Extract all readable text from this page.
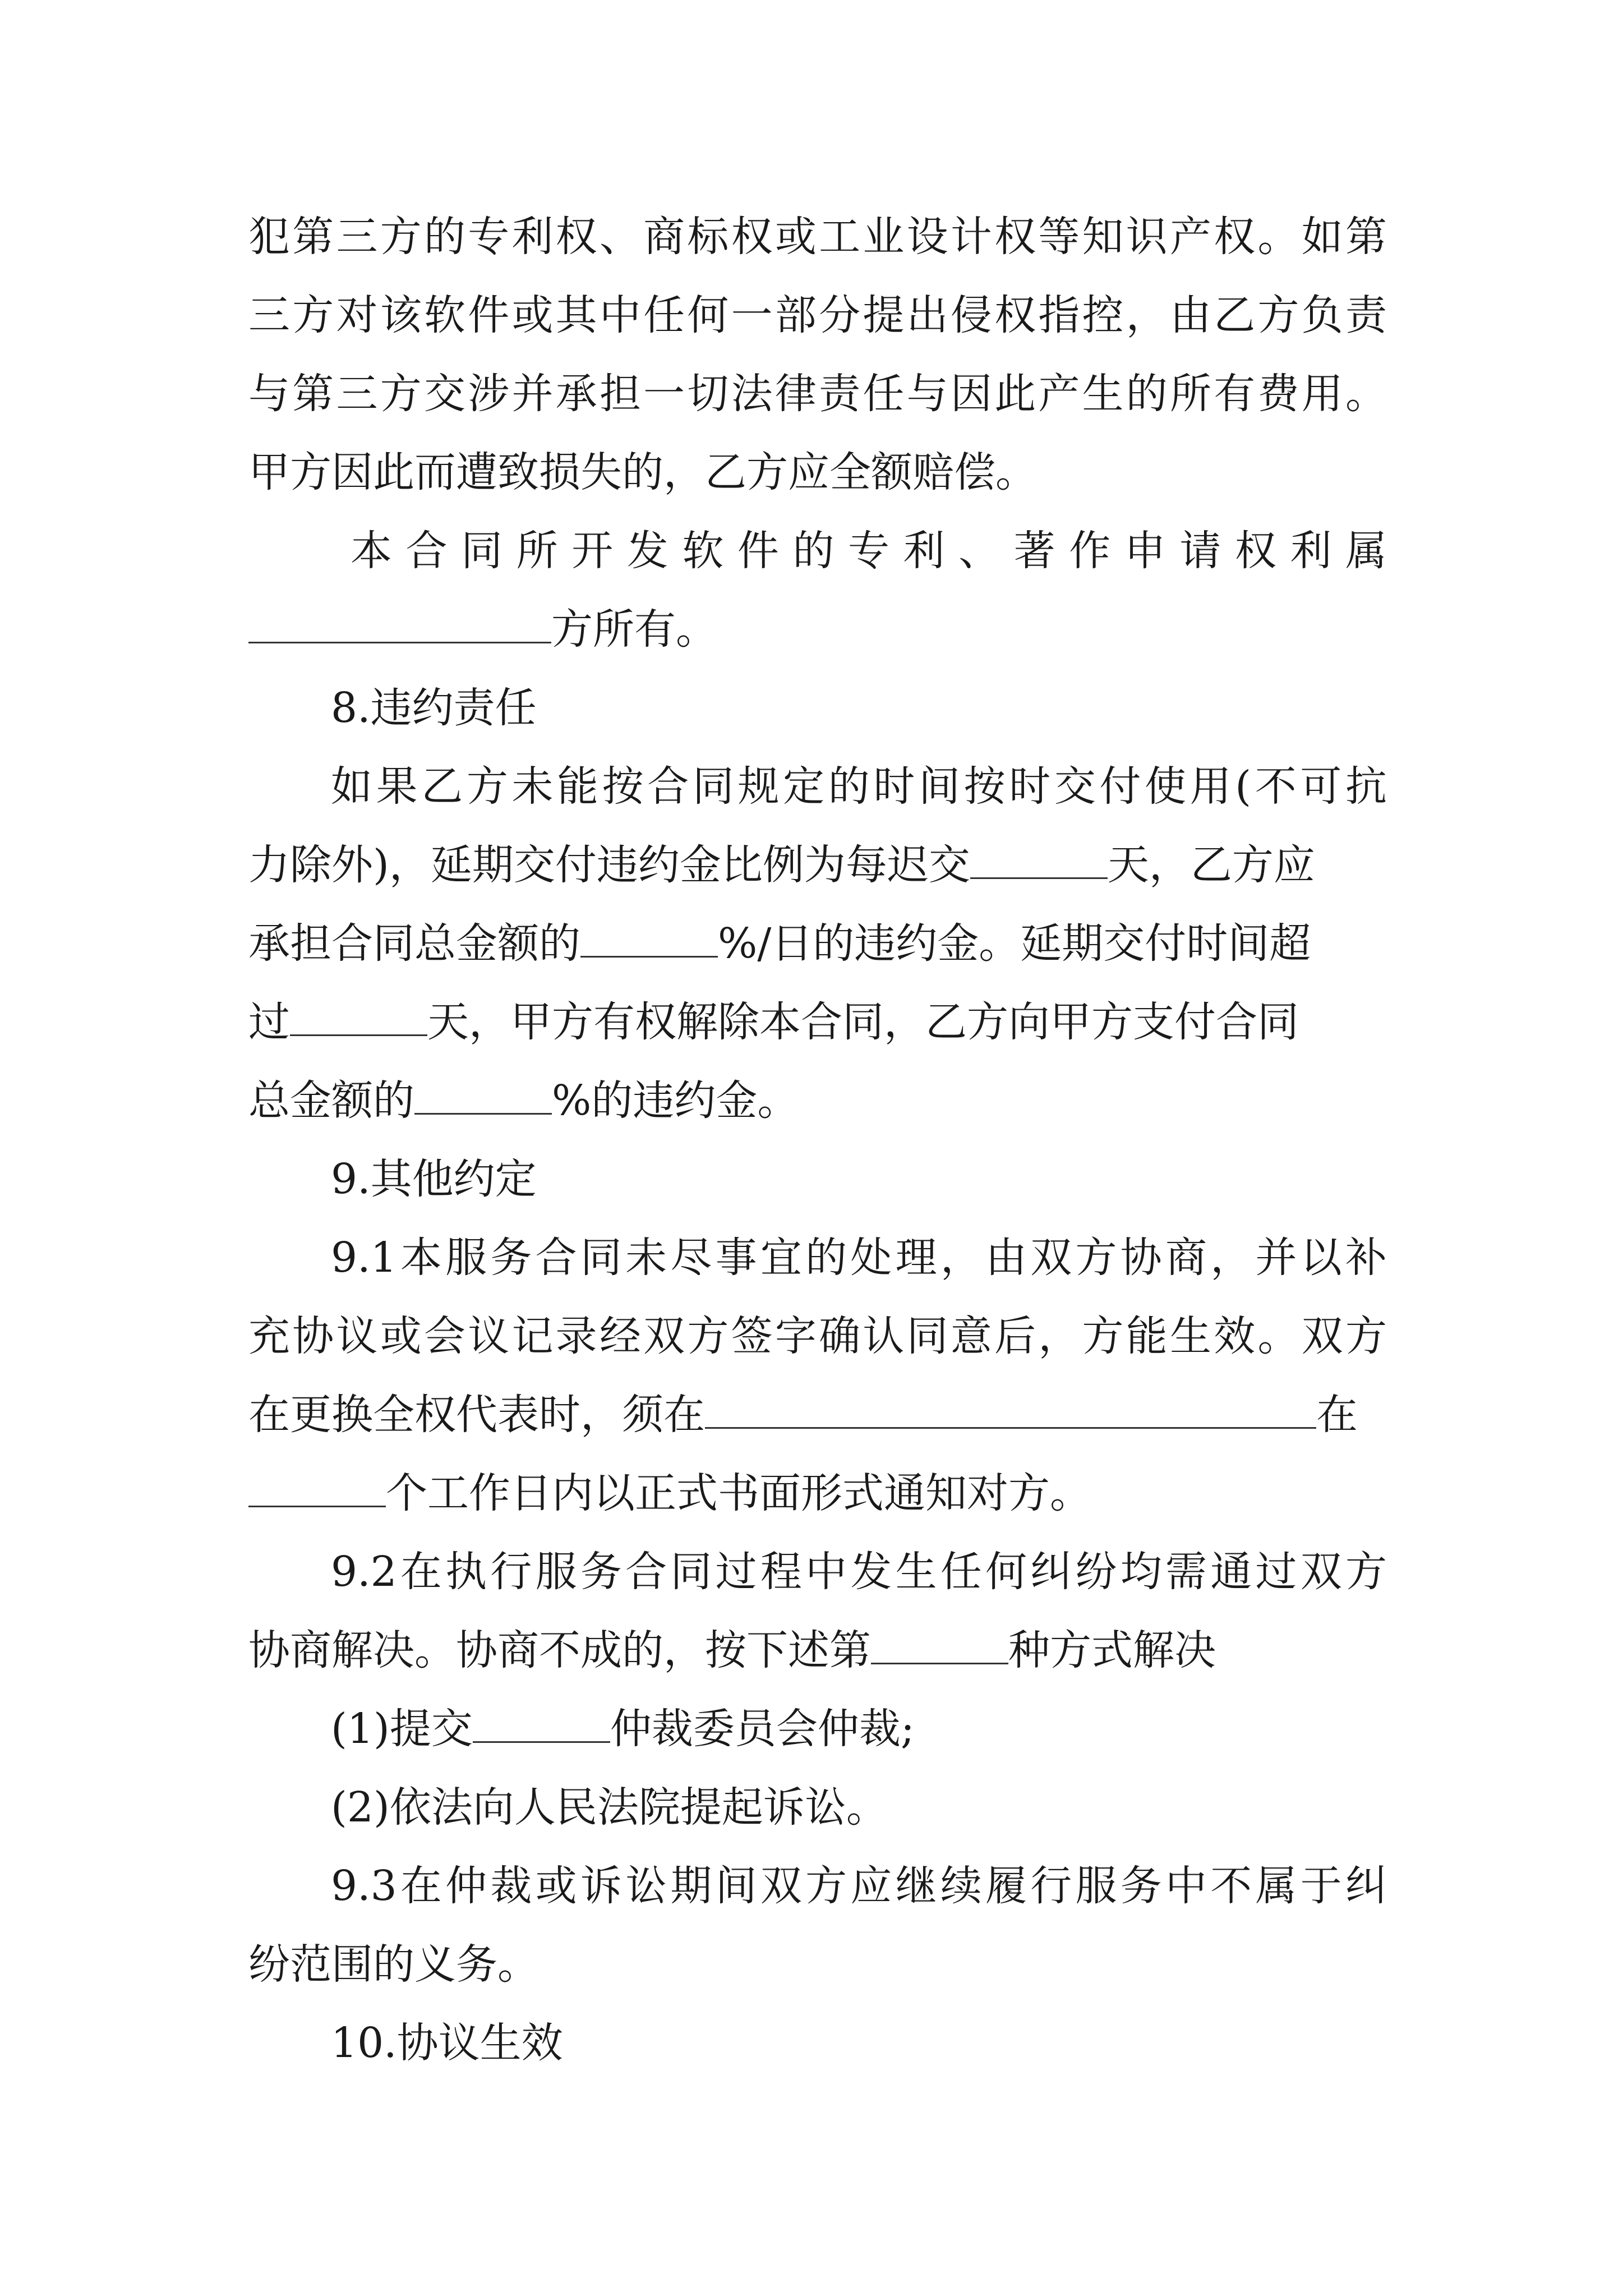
犯第三方的专利权、商标权或工业设计权等知识产权。如第
三方对该软件或其中任何一部分提出侵权指控，由乙方负责
与第三方交涉并承担一切法律责任与因此产生的所有费用。
甲方因此而遭致损失的，乙方应全额赔偿。
本合同所开发软件的专利、著作申请权利属
方所有。
8.违约责任
如果乙方未能按合同规定的时间按时交付使用(不可抗
力除外)，延期交付违约金比例为每迟交	天，乙方应
承担合同总金额的	%/日的违约金。延期交付时间超
过	天，甲方有权解除本合同，乙方向甲方支付合同
总金额的	%的违约金。
9.其他约定
9.1本服务合同未尽事宜的处理，由双方协商，并以补
充协议或会议记录经双方签字确认同意后，方能生效。双方
在更换全权代表时，须在	在
个工作日内以正式书面形式通知对方。
9.2在执行服务合同过程中发生任何纠纷均需通过双方
协商解决。协商不成的，按下述第	种方式解决
(1)提交	仲裁委员会仲裁;
(2)依法向人民法院提起诉讼。
9.3在仲裁或诉讼期间双方应继续履行服务中不属于纠
纷范围的义务。
10.协议生效
